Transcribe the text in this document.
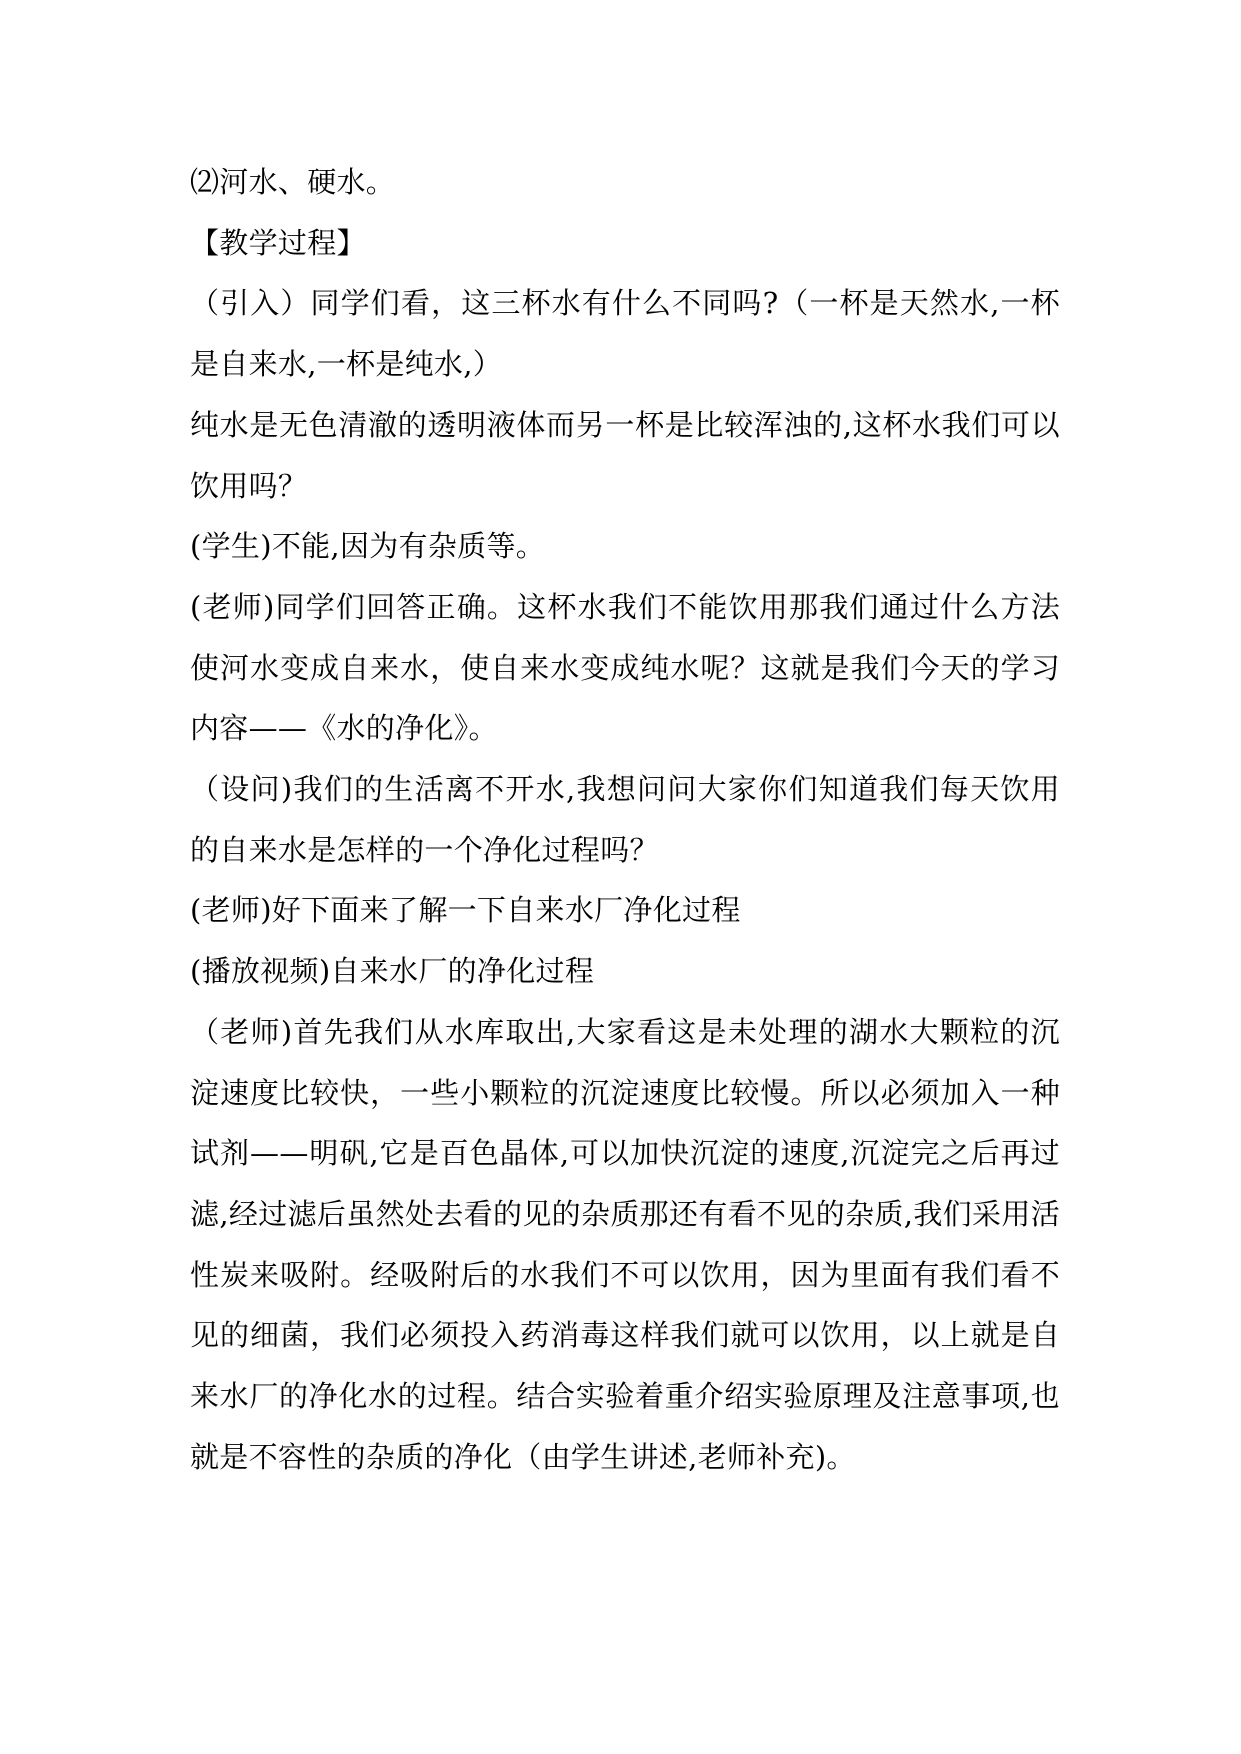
⑵河水、硬水。

【教学过程】

（引入）同学们看，这三杯水有什么不同吗?（一杯是天然水,一杯是自来水,一杯是纯水,）

纯水是无色清澈的透明液体而另一杯是比较浑浊的,这杯水我们可以饮用吗？

(学生)不能,因为有杂质等。

(老师)同学们回答正确。这杯水我们不能饮用那我们通过什么方法使河水变成自来水，使自来水变成纯水呢？这就是我们今天的学习内容——《水的净化》。

（设问)我们的生活离不开水,我想问问大家你们知道我们每天饮用的自来水是怎样的一个净化过程吗？

(老师)好下面来了解一下自来水厂净化过程

(播放视频)自来水厂的净化过程

（老师)首先我们从水库取出,大家看这是未处理的湖水大颗粒的沉淀速度比较快，一些小颗粒的沉淀速度比较慢。所以必须加入一种试剂——明矾,它是百色晶体,可以加快沉淀的速度,沉淀完之后再过滤,经过滤后虽然处去看的见的杂质那还有看不见的杂质,我们采用活性炭来吸附。经吸附后的水我们不可以饮用，因为里面有我们看不见的细菌，我们必须投入药消毒这样我们就可以饮用，以上就是自来水厂的净化水的过程。结合实验着重介绍实验原理及注意事项,也就是不容性的杂质的净化（由学生讲述,老师补充)。
